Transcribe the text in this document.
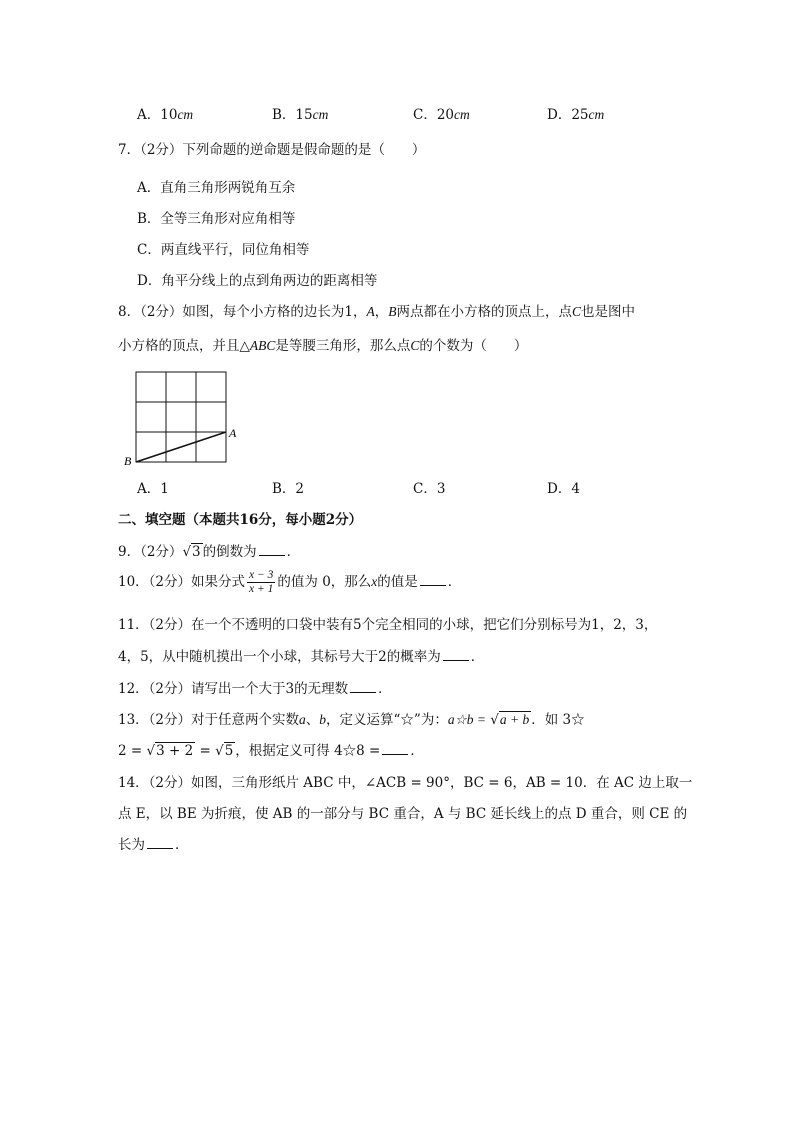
A．10cm	B．15cm	C．20cm	D．25cm
7．（2分）下列命题的逆命题是假命题的是（　　）
A．直角三角形两锐角互余
B．全等三角形对应角相等
C．两直线平行，同位角相等
D．角平分线上的点到角两边的距离相等
8．（2分）如图，每个小方格的边长为1，A，B两点都在小方格的顶点上，点C也是图中
小方格的顶点，并且△ABC是等腰三角形，那么点C的个数为（　　）
A
B
A．1	B．2	C．3	D．4
二、填空题（本题共16分，每小题2分）
9．（2分）√3 的倒数为 ．
10．（2分）如果分式 $\frac{x - 3}{x + 1}$ 的值为 0，那么x的值是 ．
11．（2分）在一个不透明的口袋中装有5个完全相同的小球，把它们分别标号为1，2，3，
4，5，从中随机摸出一个小球，其标号大于2的概率为 ．
12．（2分）请写出一个大于3的无理数 ．
13．（2分）对于任意两个实数a、b，定义运算“☆”为：a☆b = √a + b ．如 3☆
2 = √3 + 2 = √5 ，根据定义可得 4☆8 = ．
14．（2分）如图，三角形纸片 ABC 中，∠ACB = 90°，BC = 6，AB = 10．在 AC 边上取一
点 E，以 BE 为折痕，使 AB 的一部分与 BC 重合，A 与 BC 延长线上的点 D 重合，则 CE 的
长为 ．
